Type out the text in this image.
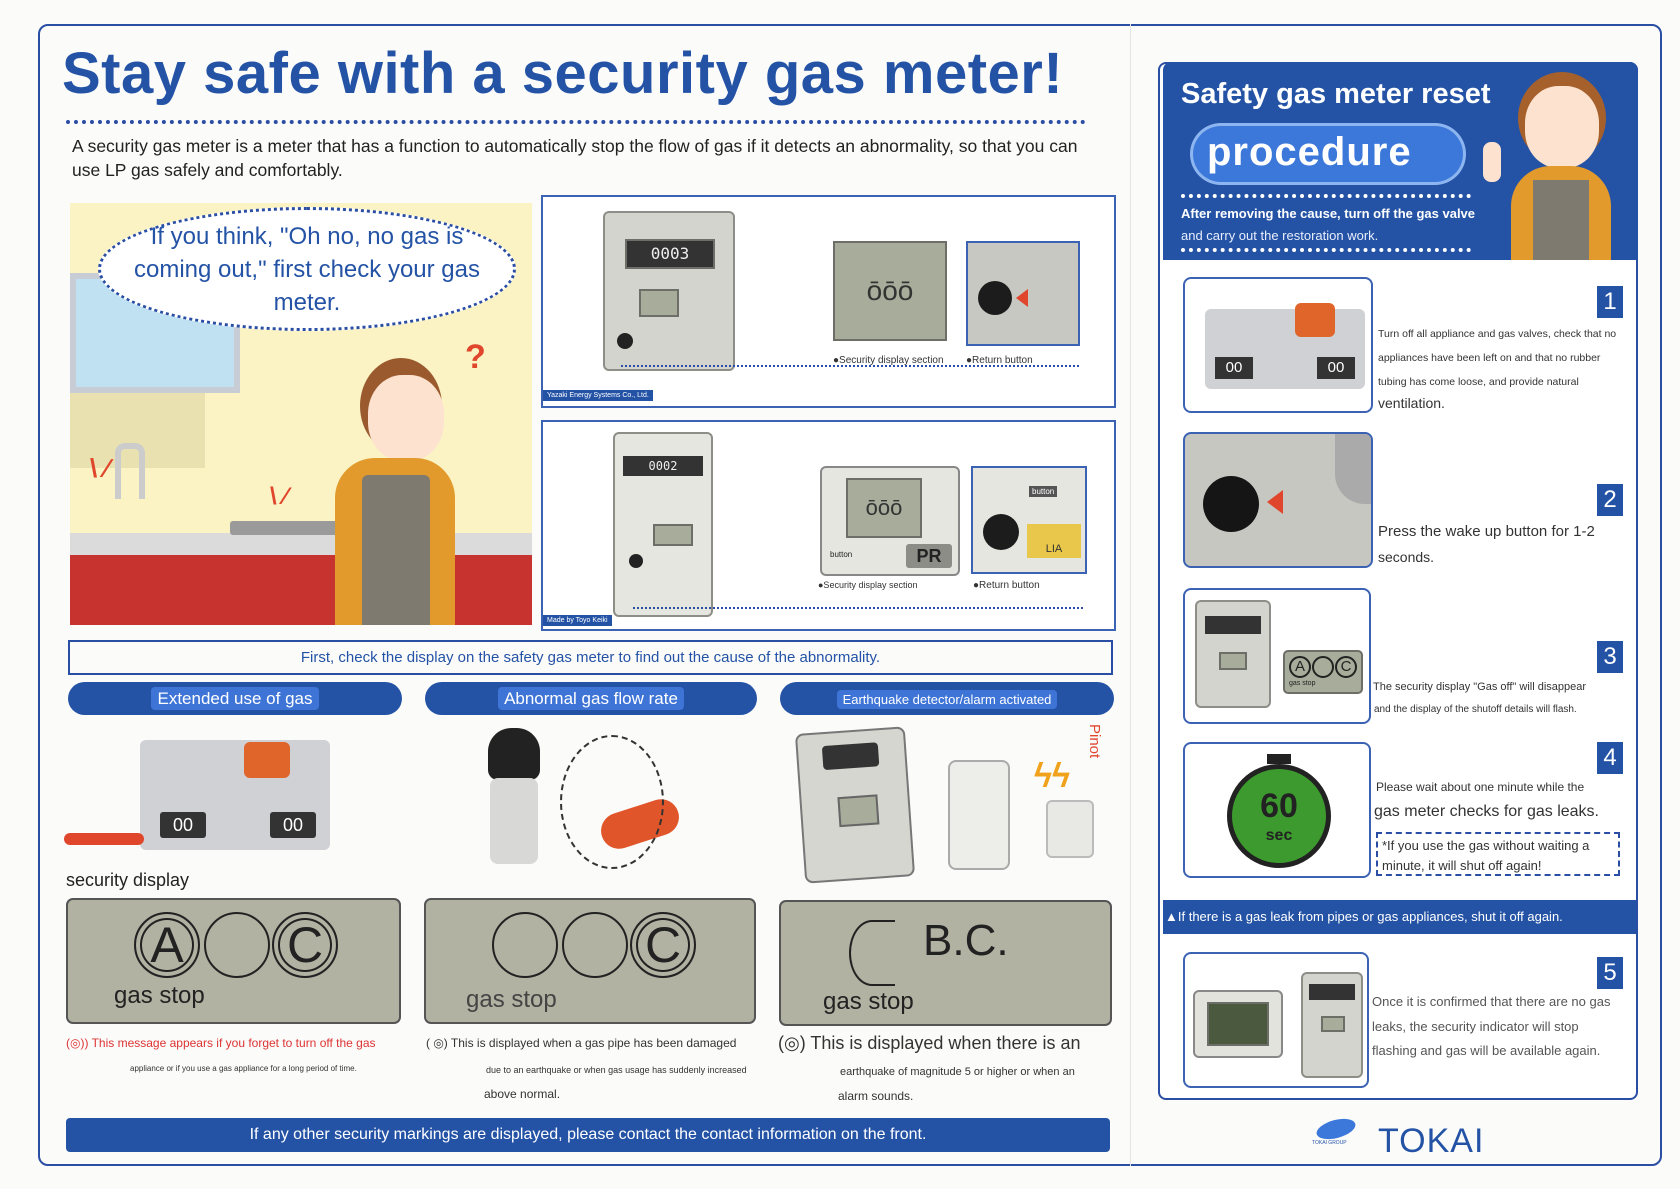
Stay safe with a security gas meter!
A security gas meter is a meter that has a function to automatically stop the flow of gas if it detects an abnormality, so that you can use LP gas safely and comfortably.
\ ∕
\ ∕
?
If you think, "Oh no, no gas is coming out," first check your gas meter.
0003
ōōō
●Security display section ●Return button
Yazaki Energy Systems Co., Ltd.
0002
ōōō
PR
button	LIA
button
●Security display section	●Return button
Made by Toyo Keiki
First, check the display on the safety gas meter to find out the cause of the abnormality.
Extended use of gas
00	00
security display
A	C
gas stop
(◎)) This message appears if you forget to turn off the gas
appliance or if you use a gas appliance for a long period of time.
Abnormal gas flow rate
C
gas stop
( ◎) This is displayed when a gas pipe has been damaged
due to an earthquake or when gas usage has suddenly increased
above normal.
Earthquake detector/alarm activated
ϟϟ
Pinot
B.C.
gas stop
(◎) This is displayed when there is an
earthquake of magnitude 5 or higher or when an
alarm sounds.
If any other security markings are displayed, please contact the contact information on the front.
Safety gas meter reset
procedure
After removing the cause, turn off the gas valve
and carry out the restoration work.
00	00
1
Turn off all appliance and gas valves, check that no appliances have been left on and that no rubber tubing has come loose, and provide natural
ventilation.
2
Press the wake up button for 1-2
seconds.
A	C
gas stop
3
The security display "Gas off" will disappear
and the display of the shutoff details will flash.
60
sec
4
Please wait about one minute while the
gas meter checks for gas leaks.
*If you use the gas without waiting a minute, it will shut off again!
▲If there is a gas leak from pipes or gas appliances, shut it off again.
5
Once it is confirmed that there are no gas leaks, the security indicator will stop flashing and gas will be available again.
TOKAI GROUP TOKAI
